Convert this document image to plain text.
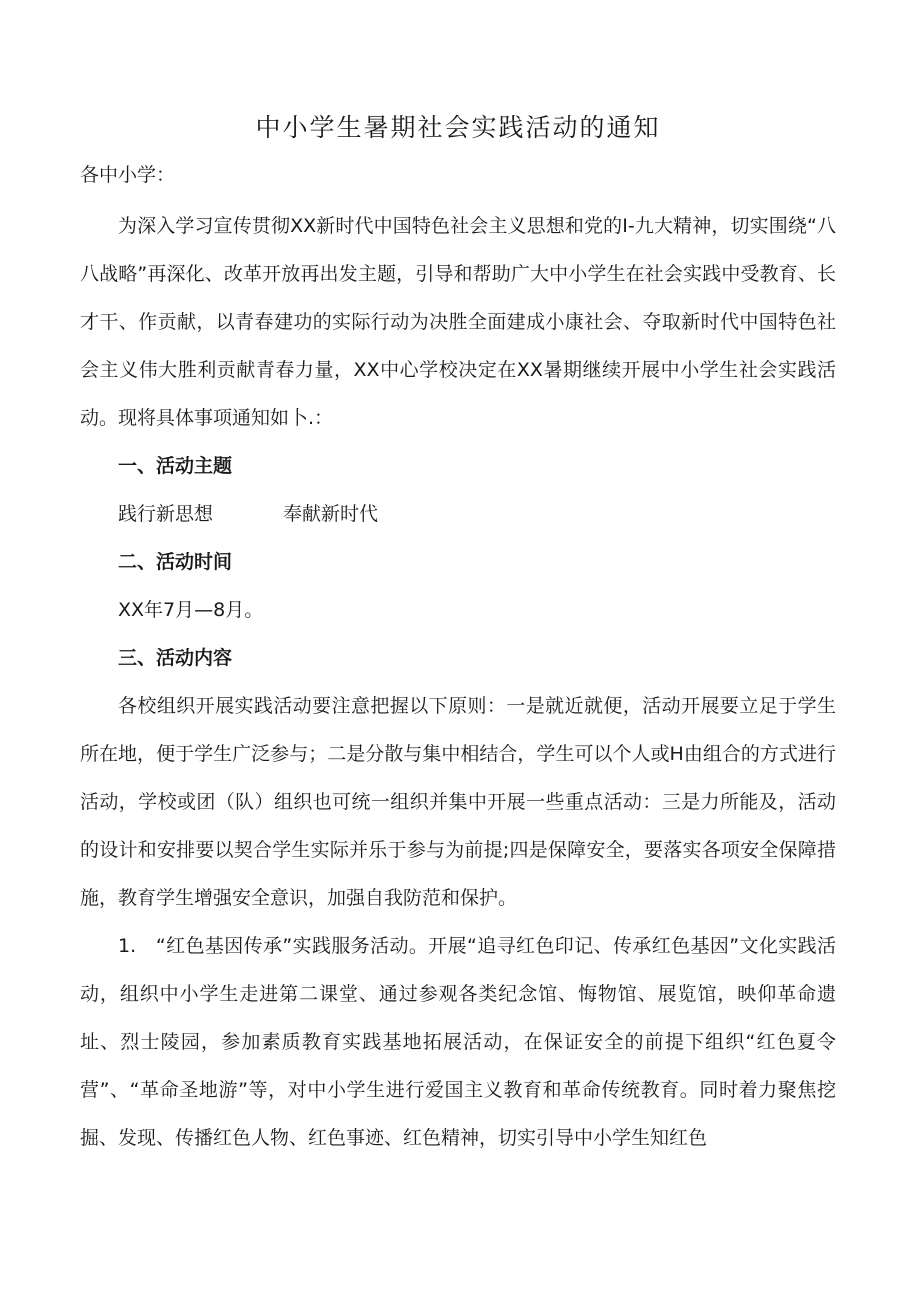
中小学生暑期社会实践活动的通知

各中小学：

为深入学习宣传贯彻XX新时代中国特色社会主义思想和党的I-九大精神，切实围绕“八八战略”再深化、改革开放再出发主题，引导和帮助广大中小学生在社会实践中受教育、长才干、作贡献，以青春建功的实际行动为决胜全面建成小康社会、夺取新时代中国特色社会主义伟大胜利贡献青春力量，XX中心学校决定在XX暑期继续开展中小学生社会实践活动。现将具体事项通知如卜.：

一、活动主题

践行新思想	奉献新时代

二、活动时间

XX年7月—8月。

三、活动内容

各校组织开展实践活动要注意把握以下原则：一是就近就便，活动开展要立足于学生所在地，便于学生广泛参与；二是分散与集中相结合，学生可以个人或H由组合的方式进行活动，学校或团（队）组织也可统一组织并集中开展一些重点活动：三是力所能及，活动的设计和安排要以契合学生实际并乐于参与为前提;四是保障安全，要落实各项安全保障措施，教育学生增强安全意识，加强自我防范和保护。

1.　“红色基因传承”实践服务活动。开展“追寻红色印记、传承红色基因”文化实践活动，组织中小学生走进第二课堂、通过参观各类纪念馆、悔物馆、展览馆，映仰革命遗址、烈士陵园，参加素质教育实践基地拓展活动，在保证安全的前提下组织“红色夏令营”、“革命圣地游”等，对中小学生进行爱国主义教育和革命传统教育。同时着力聚焦挖掘、发现、传播红色人物、红色事迹、红色精神，切实引导中小学生知红色
